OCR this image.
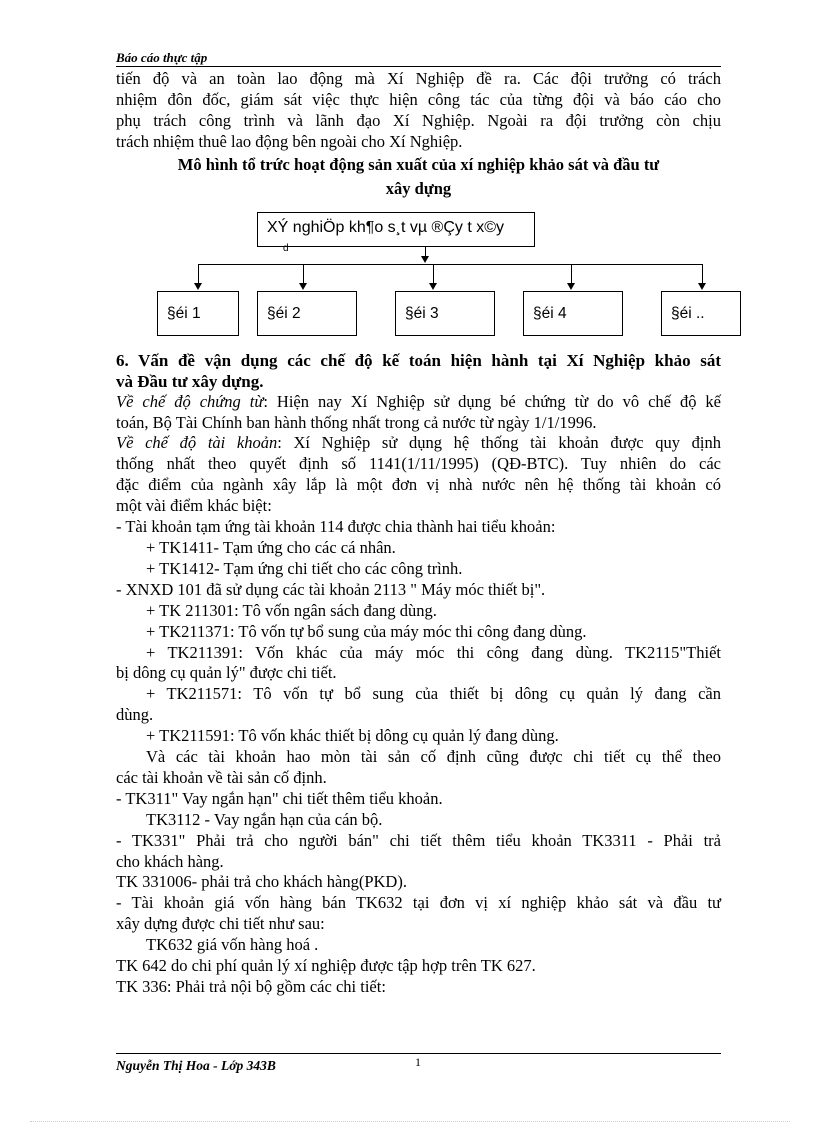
Báo cáo thực tập

tiến độ và an toàn lao động mà Xí Nghiệp đề ra. Các đội trưởng có trách

nhiệm đôn đốc, giám sát việc thực hiện công tác của từng đội và báo cáo cho

phụ trách công trình và lãnh đạo Xí Nghiệp. Ngoài ra đội trưởng còn chịu

trách nhiệm thuê lao động bên ngoài cho Xí Nghiệp.

Mô hình tổ trức hoạt động sản xuất của xí nghiệp khảo sát và đầu tư

xây dựng

XÝ nghiÖp kh¶o s¸t vµ ®Çy t x©y
d
§éi 1	§éi 2	§éi 3	§éi 4	§éi ..

6. Vấn đề vận dụng các chế độ kế toán hiện hành tại Xí Nghiệp khảo sát

và Đầu tư xây dựng.

Về chế độ chứng từ: Hiện nay Xí Nghiệp sử dụng bé chứng từ do vô chế độ kế

toán, Bộ Tài Chính ban hành thống nhất trong cả nước từ ngày 1/1/1996.

Về chế độ tài khoản: Xí Nghiệp sử dụng hệ thống tài khoản được quy định

thống nhất theo quyết định số 1141(1/11/1995) (QĐ-BTC). Tuy nhiên do các

đặc điểm của ngành xây lắp là một đơn vị nhà nước nên hệ thống tài khoản có

một vài điểm khác biệt:

- Tài khoản tạm ứng tài khoản 114 được chia thành hai tiểu khoản:

+ TK1411- Tạm ứng cho các cá nhân.

+ TK1412- Tạm ứng chi tiết cho các công trình.

- XNXD 101 đã sử dụng các tài khoản 2113 " Máy móc thiết bị".

+ TK 211301: Tô vốn ngân sách đang dùng.

+ TK211371: Tô vốn tự bổ sung của máy móc thi công đang dùng.

+ TK211391: Vốn khác của máy móc thi công đang dùng. TK2115"Thiết

bị dông cụ quản lý" được chi tiết.

+ TK211571: Tô vốn tự bổ sung của thiết bị dông cụ quản lý đang cần

dùng.

+ TK211591: Tô vốn khác thiết bị dông cụ quản lý đang dùng.

Và các tài khoản hao mòn tài sản cố định cũng được chi tiết cụ thể theo

các tài khoản về tài sản cố định.

- TK311" Vay ngắn hạn" chi tiết thêm tiểu khoản.

TK3112 - Vay ngắn hạn của cán bộ.

- TK331" Phải trả cho người bán" chi tiết thêm tiểu khoản TK3311 - Phải trả

cho khách hàng.

TK 331006- phải trả cho khách hàng(PKD).

- Tài khoản giá vốn hàng bán TK632 tại đơn vị xí nghiệp khảo sát và đầu tư

xây dựng được chi tiết như sau:

TK632 giá vốn hàng hoá .

TK 642 do chi phí quản lý xí nghiệp được tập hợp trên TK 627.

TK 336: Phải trả nội bộ gồm các chi tiết:

Nguyễn Thị Hoa - Lớp 343B	1
